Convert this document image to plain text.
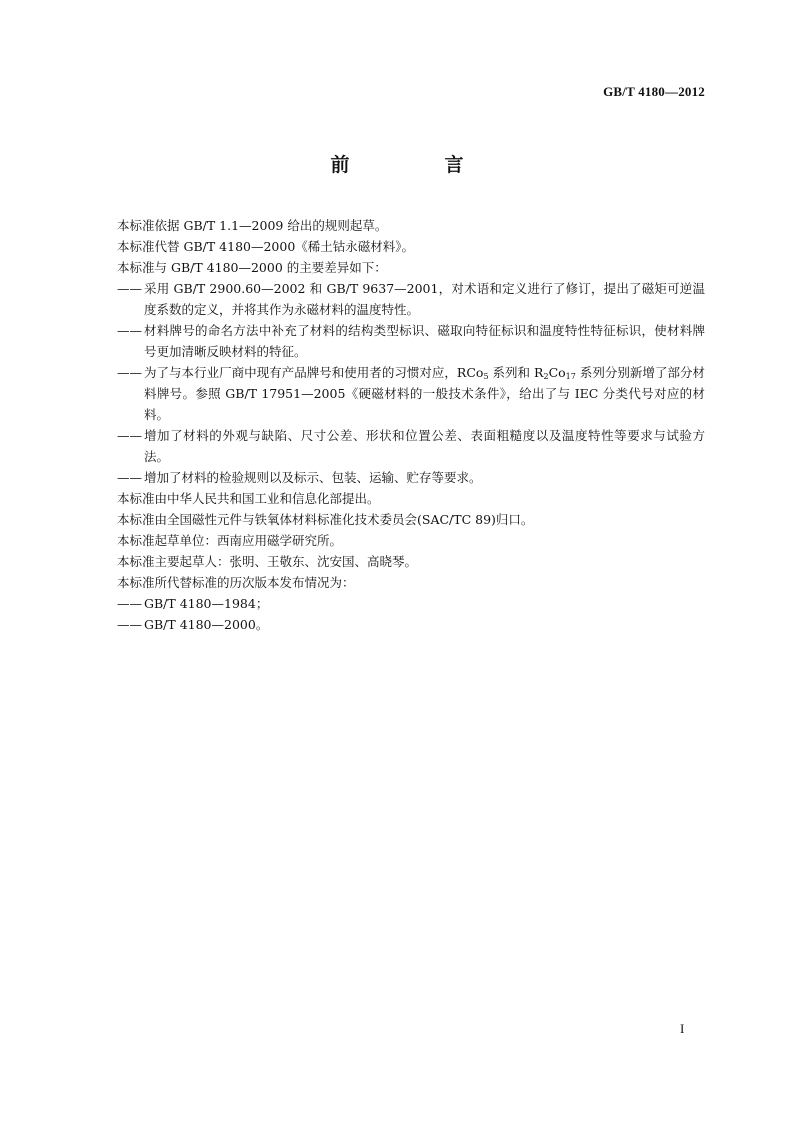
GB/T 4180—2012
前　言

本标准依据 GB/T 1.1—2009 给出的规则起草。

本标准代替 GB/T 4180—2000《稀土钴永磁材料》。

本标准与 GB/T 4180—2000 的主要差异如下：

—— 采用 GB/T 2900.60—2002 和 GB/T 9637—2001，对术语和定义进行了修订，提出了磁矩可逆温度系数的定义，并将其作为永磁材料的温度特性。

—— 材料牌号的命名方法中补充了材料的结构类型标识、磁取向特征标识和温度特性特征标识，使材料牌号更加清晰反映材料的特征。

—— 为了与本行业厂商中现有产品牌号和使用者的习惯对应，RCo$_5$ 系列和 $R_2Co_{17}$ 系列分别新增了部分材料牌号。参照 GB/T 17951—2005《硬磁材料的一般技术条件》，给出了与 IEC 分类代号对应的材料。

—— 增加了材料的外观与缺陷、尺寸公差、形状和位置公差、表面粗糙度以及温度特性等要求与试验方法。

—— 增加了材料的检验规则以及标示、包装、运输、贮存等要求。

本标准由中华人民共和国工业和信息化部提出。

本标准由全国磁性元件与铁氧体材料标准化技术委员会(SAC/TC 89)归口。

本标准起草单位：西南应用磁学研究所。

本标准主要起草人：张明、王敬东、沈安国、高晓琴。

本标准所代替标准的历次版本发布情况为：

—— GB/T 4180—1984；

—— GB/T 4180—2000。

I
